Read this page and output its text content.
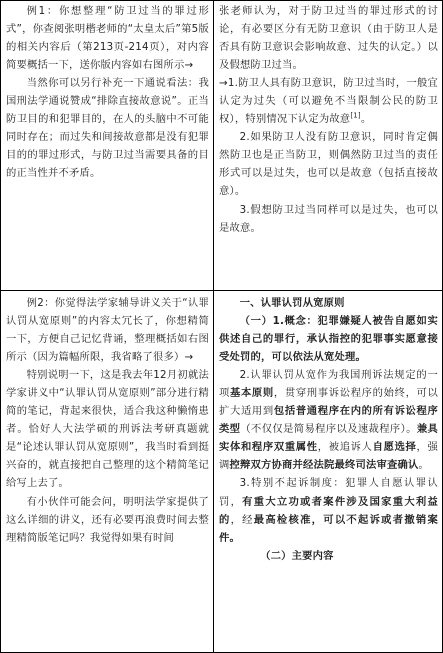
例1：你想整理“防卫过当的罪过形式”，你查阅张明楷老师的“太皇太后”第5版的相关内容后（第213页-214页），对内容简要概括一下，送你版内容如右图所示→

当然你可以另行补充一下通说看法：我国刑法学通说赞成“排除直接故意说”。正当防卫目的和犯罪目的，在人的头脑中不可能同时存在；而过失和间接故意都是没有犯罪目的的罪过形式，与防卫过当需要具备的目的正当性并不矛盾。

张老师认为，对于防卫过当的罪过形式的讨论，有必要区分有无防卫意识（由于防卫人是否具有防卫意识会影响故意、过失的认定。）以及假想防卫过当。

→1.防卫人具有防卫意识，防卫过当时，一般宜认定为过失（可以避免不当限制公民的防卫权），特别情况下认定为故意[1]。

2.如果防卫人没有防卫意识，同时肯定偶然防卫也是正当防卫，则偶然防卫过当的责任形式可以是过失，也可以是故意（包括直接故意）。

3.假想防卫过当同样可以是过失，也可以是故意。

例2：你觉得法学家辅导讲义关于“认罪认罚从宽原则”的内容太冗长了，你想精简一下，方便自己记忆背诵，整理概括如右图所示（因为篇幅所限，我省略了很多）→

特别说明一下，这是我去年12月初就法学家讲义中“认罪认罚从宽原则”部分进行精简的笔记，背起来很快，适合我这种懒惰患者。恰好人大法学硕的刑诉法考研真题就是“论述认罪认罚从宽原则”，我当时看到挺兴奋的，就直接把自己整理的这个精简笔记给写上去了。

有小伙伴可能会问，明明法学家提供了这么详细的讲义，还有必要再浪费时间去整理精简版笔记吗？我觉得如果有时间

一、认罪认罚从宽原则

（一）1.概念：犯罪嫌疑人被告自愿如实供述自己的罪行，承认指控的犯罪事实愿意接受处罚的，可以依法从宽处理。

2.认罪认罚从宽作为我国刑诉法规定的一项基本原则，贯穿刑事诉讼程序的始终，可以扩大适用到包括普通程序在内的所有诉讼程序类型（不仅仅是简易程序以及速裁程序）。兼具实体和程序双重属性，被追诉人自愿选择，强调控辩双方协商并经法院最终司法审查确认。

3.特别不起诉制度：犯罪人自愿认罪认罚，有重大立功或者案件涉及国家重大利益的，经最高检核准，可以不起诉或者撤销案件。

（二）主要内容
